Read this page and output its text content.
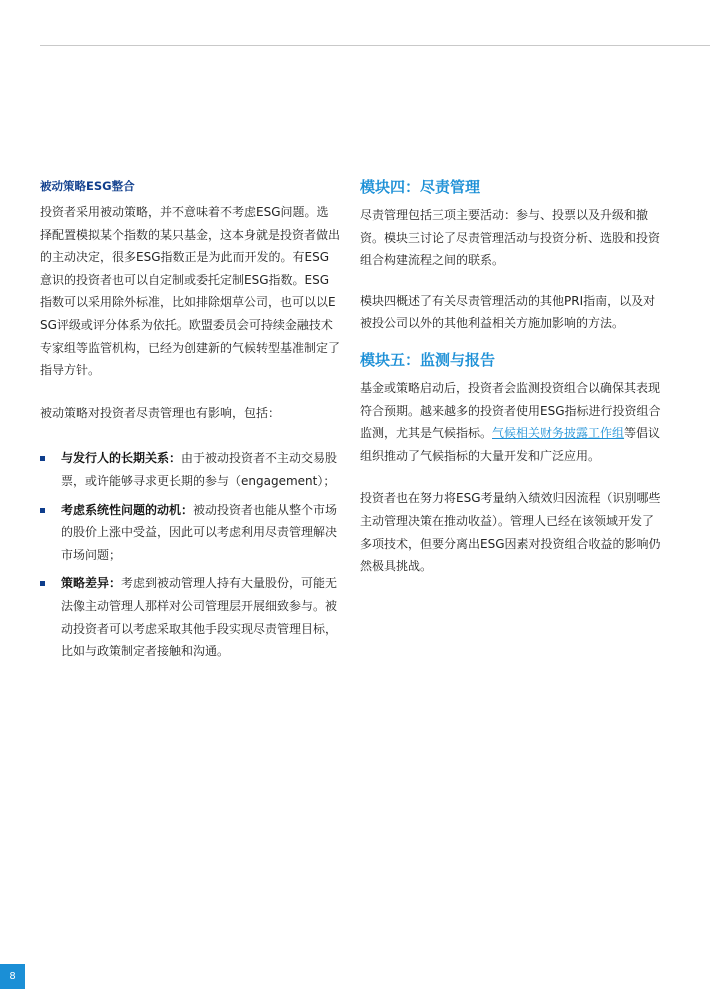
被动策略ESG整合

投资者采用被动策略，并不意味着不考虑ESG问题。选择配置模拟某个指数的某只基金，这本身就是投资者做出的主动决定，很多ESG指数正是为此而开发的。有ESG意识的投资者也可以自定制或委托定制ESG指数。ESG指数可以采用除外标准，比如排除烟草公司，也可以以ESG评级或评分体系为依托。欧盟委员会可持续金融技术专家组等监管机构，已经为创建新的气候转型基准制定了指导方针。

被动策略对投资者尽责管理也有影响，包括：

与发行人的长期关系：由于被动投资者不主动交易股票，或许能够寻求更长期的参与（engagement）；
考虑系统性问题的动机：被动投资者也能从整个市场的股价上涨中受益，因此可以考虑利用尽责管理解决市场问题；
策略差异：考虑到被动管理人持有大量股份，可能无法像主动管理人那样对公司管理层开展细致参与。被动投资者可以考虑采取其他手段实现尽责管理目标，比如与政策制定者接触和沟通。
模块四：尽责管理

尽责管理包括三项主要活动：参与、投票以及升级和撤资。模块三讨论了尽责管理活动与投资分析、选股和投资组合构建流程之间的联系。

模块四概述了有关尽责管理活动的其他PRI指南，以及对被投公司以外的其他利益相关方施加影响的方法。

模块五：监测与报告

基金或策略启动后，投资者会监测投资组合以确保其表现符合预期。越来越多的投资者使用ESG指标进行投资组合监测，尤其是气候指标。气候相关财务披露工作组等倡议组织推动了气候指标的大量开发和广泛应用。

投资者也在努力将ESG考量纳入绩效归因流程（识别哪些主动管理决策在推动收益）。管理人已经在该领域开发了多项技术，但要分离出ESG因素对投资组合收益的影响仍然极具挑战。

8
